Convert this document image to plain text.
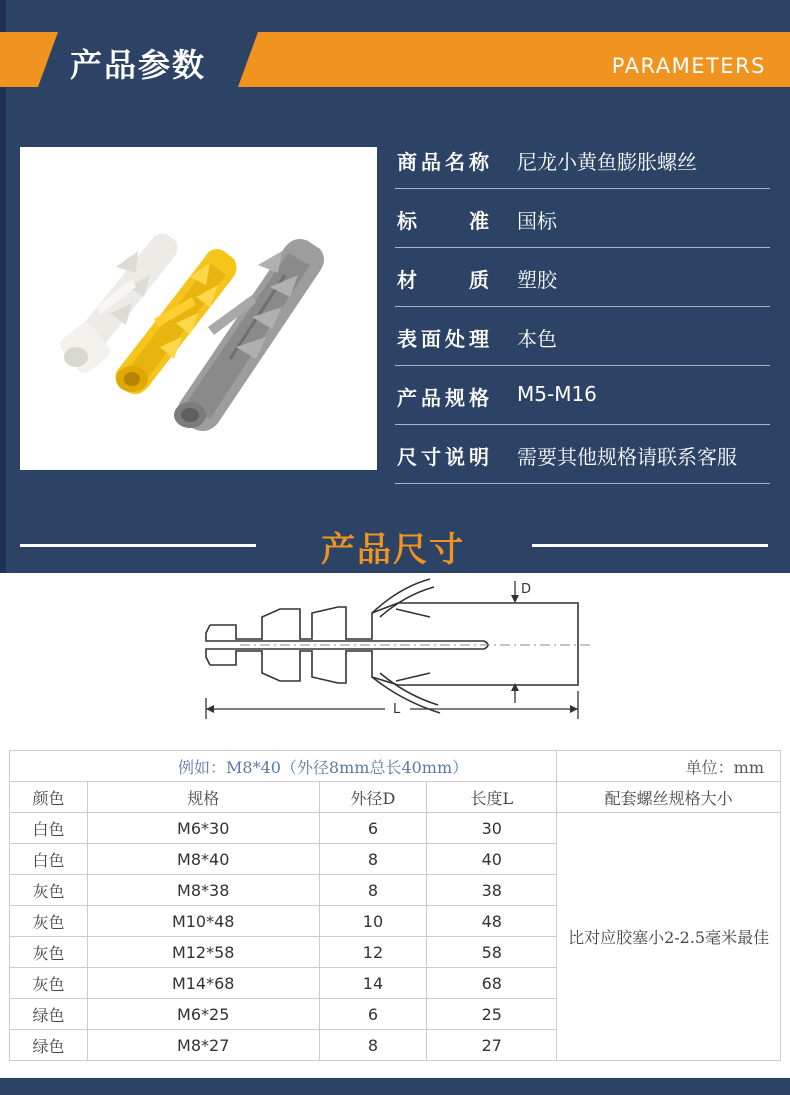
产品参数	PARAMETERS
商品名称 尼龙小黄鱼膨胀螺丝
标准 国标
材质 塑胶
表面处理 本色
产品规格 M5-M16
尺寸说明 需要其他规格请联系客服
产品尺寸
D
L
例如：M8*40（外径8mm总长40mm）				单位：mm
颜色	规格	外径D	长度L	配套螺丝规格大小
白色	M6*30	6	30	比对应胶塞小2-2.5毫米最佳
白色	M8*40	8	40	
灰色	M8*38	8	38	
灰色	M10*48	10	48	
灰色	M12*58	12	58	
灰色	M14*68	14	68	
绿色	M6*25	6	25	
绿色	M8*27	8	27	
